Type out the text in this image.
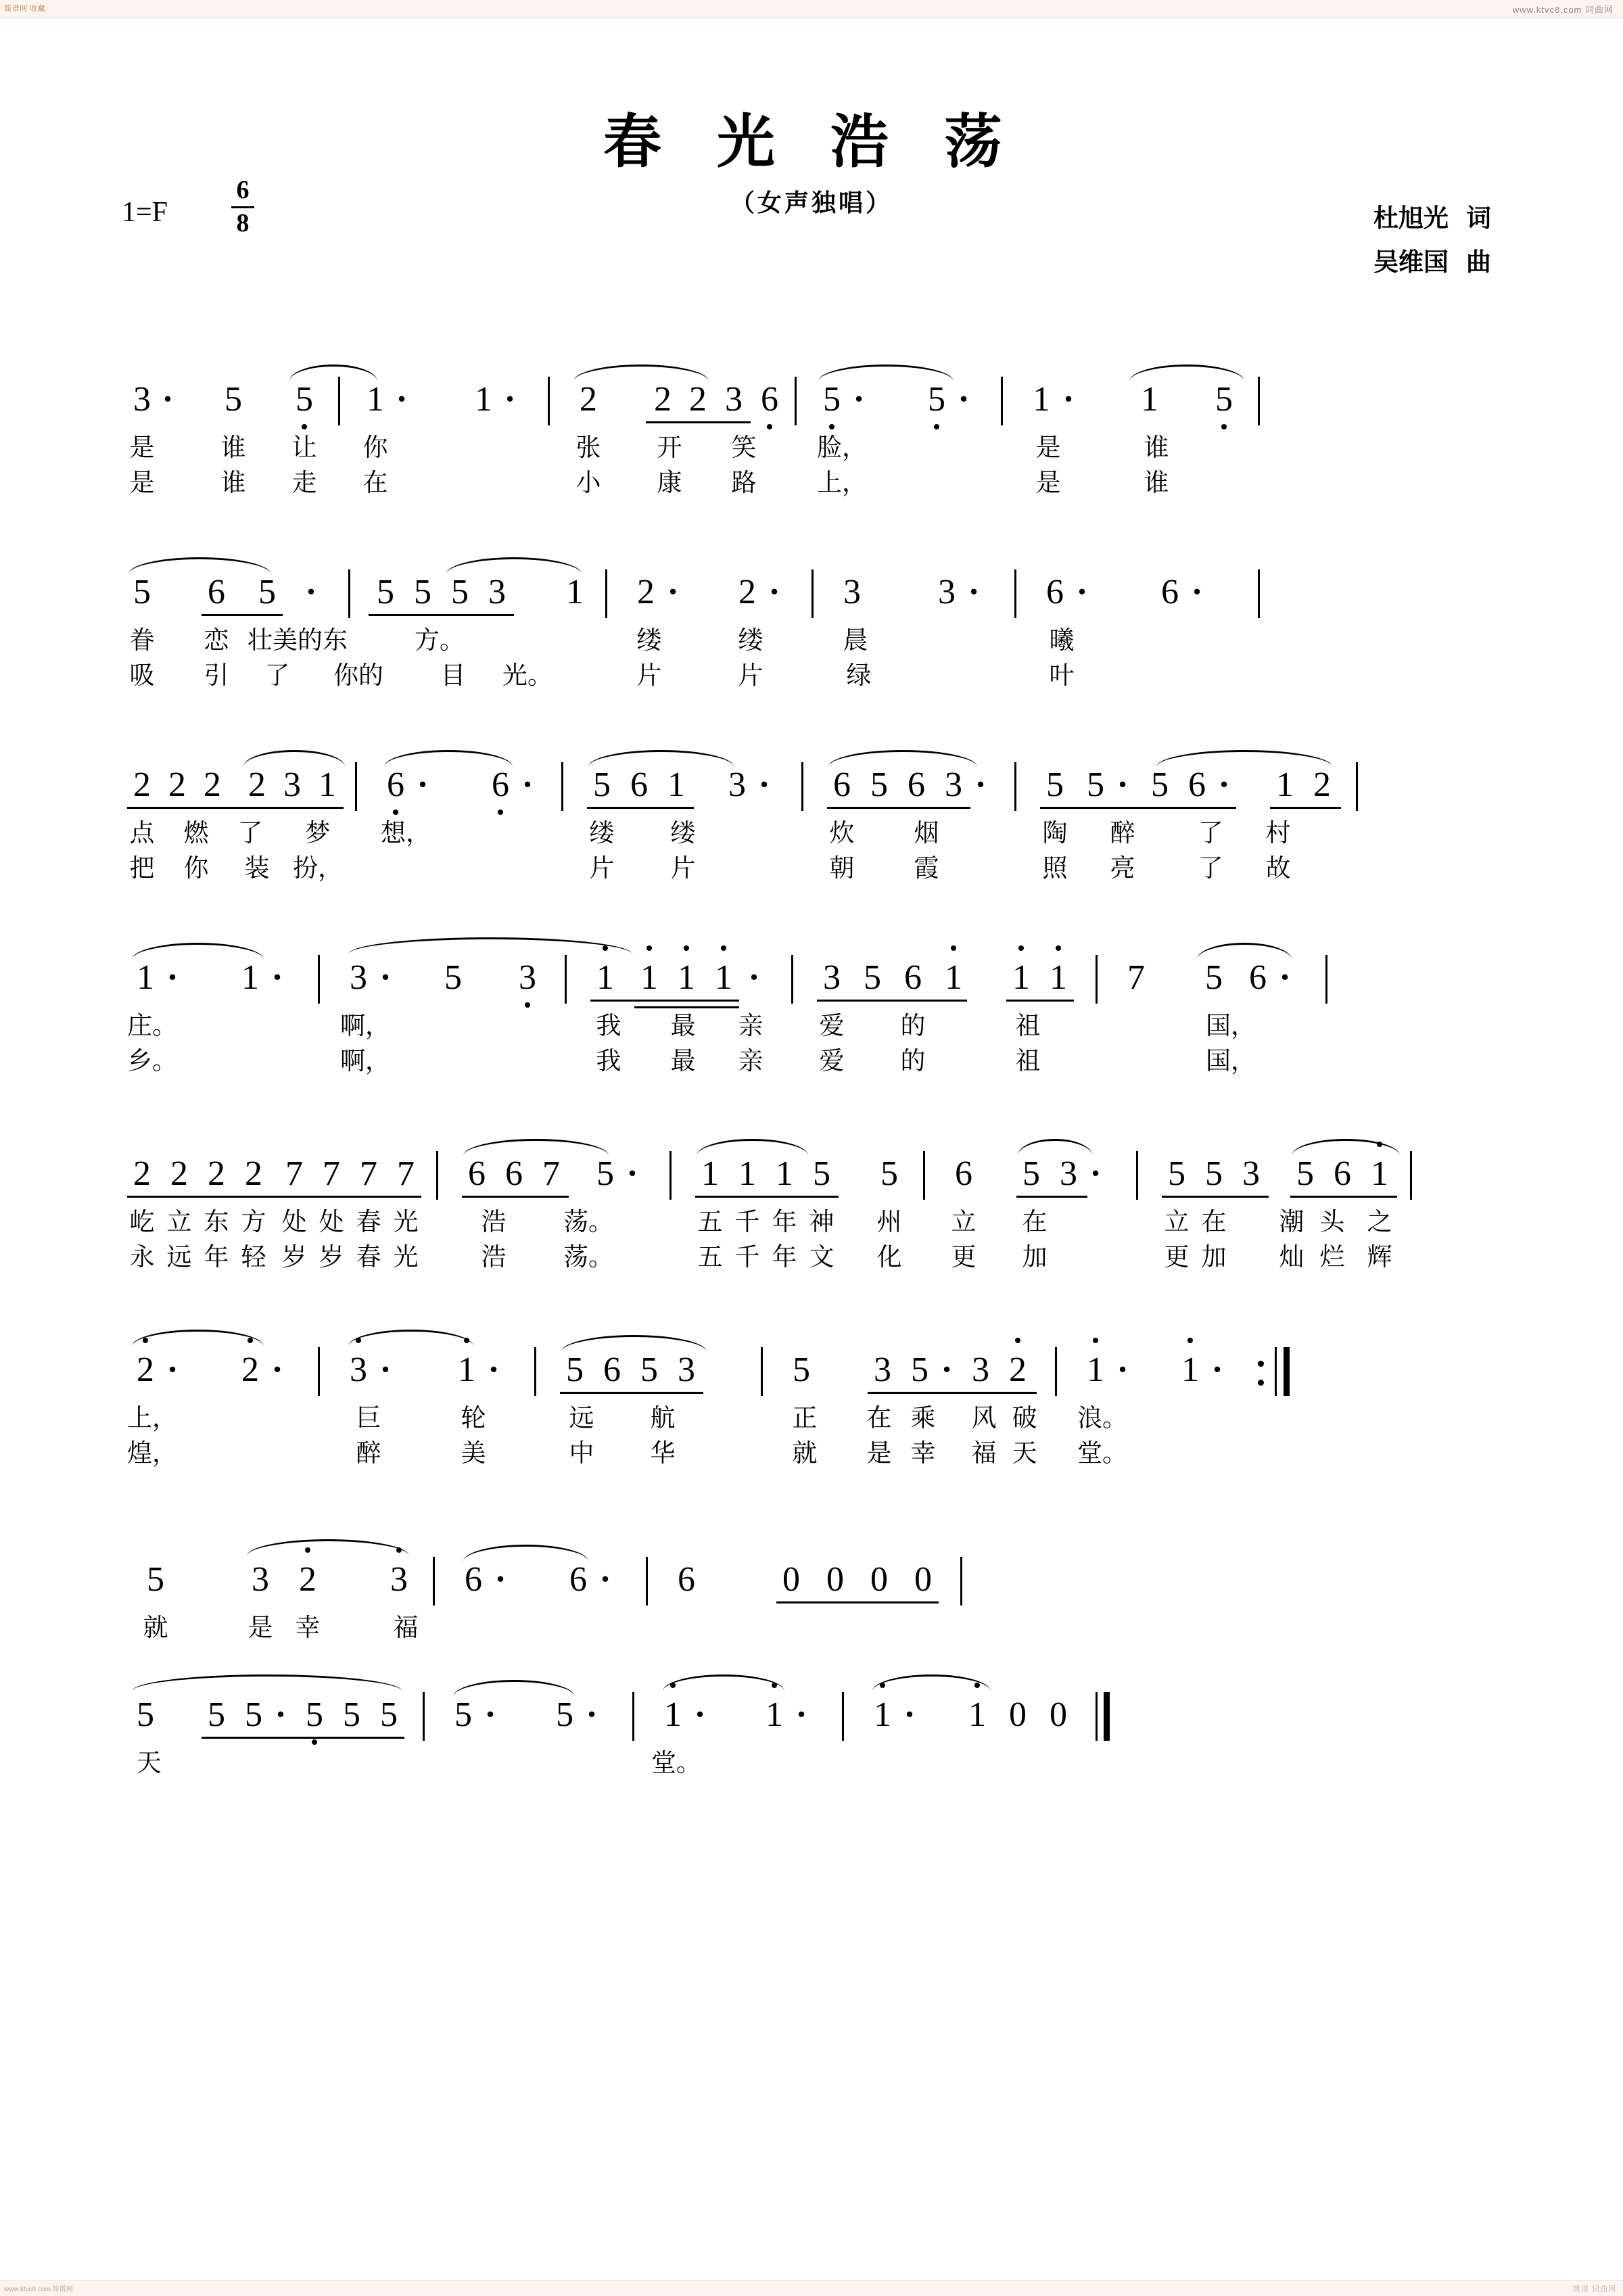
简谱网 收藏	www.ktvc8.com 词曲网
春 光 浩 荡
（女声独唱）
1=F
6
8	杜旭光 词
吴维国 曲
3 · 5 5 1 · 1 · 2 2 2 3 6 5 · 5 · 1 · 1 5
是	谁 让 你	张 开 笑 脸，	是	谁
是	谁 走 在	小 康 路 上，	是	谁
5 6 5 · 5 5 5 3 1 2 · 2 · 3 3 · 6 · 6 ·
眷 恋 壮美的东	方。	缕	缕	晨	曦
吸 引 了 你的 目 光。	片	片	绿	叶
2 2 2 2 3 1 6 · 6 · 5 6 1 3 · 6 5 6 3 · 5 5 · 5 6 · 1 2
点 燃 了 梦 想，	缕 缕	炊 烟	陶 醉	了 村
把 你 装 扮，	片 片	朝 霞	照 亮	了 故
1 · 1 · 3 · 5 3 1 1 1 1 · 3 5 6 1 1 1 7 5 6 ·
庄。	啊，	我 最 亲 爱 的	祖	国，
乡。	啊，	我 最 亲 爱 的	祖	国，
2 2 2 2 7 7 7 7 6 6 7 5 · 1 1 1 5 5 6 5 3 · 5 5 3 5 6 1
屹 立 东 方 处 处 春 光	浩 荡。	五 千 年 神 州 立 在	立 在 潮 头 之
永 远 年 轻 岁 岁 春 光	浩 荡。	五 千 年 文 化 更 加	更 加 灿 烂 辉
2 · 2 · 3 · 1 · 5 6 5 3	5 3 5 · 3 2 1 · 1 ·
上，	巨	轮	远 航	正 在 乘 风 破 浪。
煌，	醉	美	中 华	就 是 幸 福 天 堂。
5 3 2 3 6 · 6 · 6 0 0 0 0
就	是 幸	福
5 5 5 · 5 5 5 5 · 5 · 1 · 1 · 1 · 1 0 0
天	堂。
www.ktvc8.com 简谱网	简谱 词曲网
